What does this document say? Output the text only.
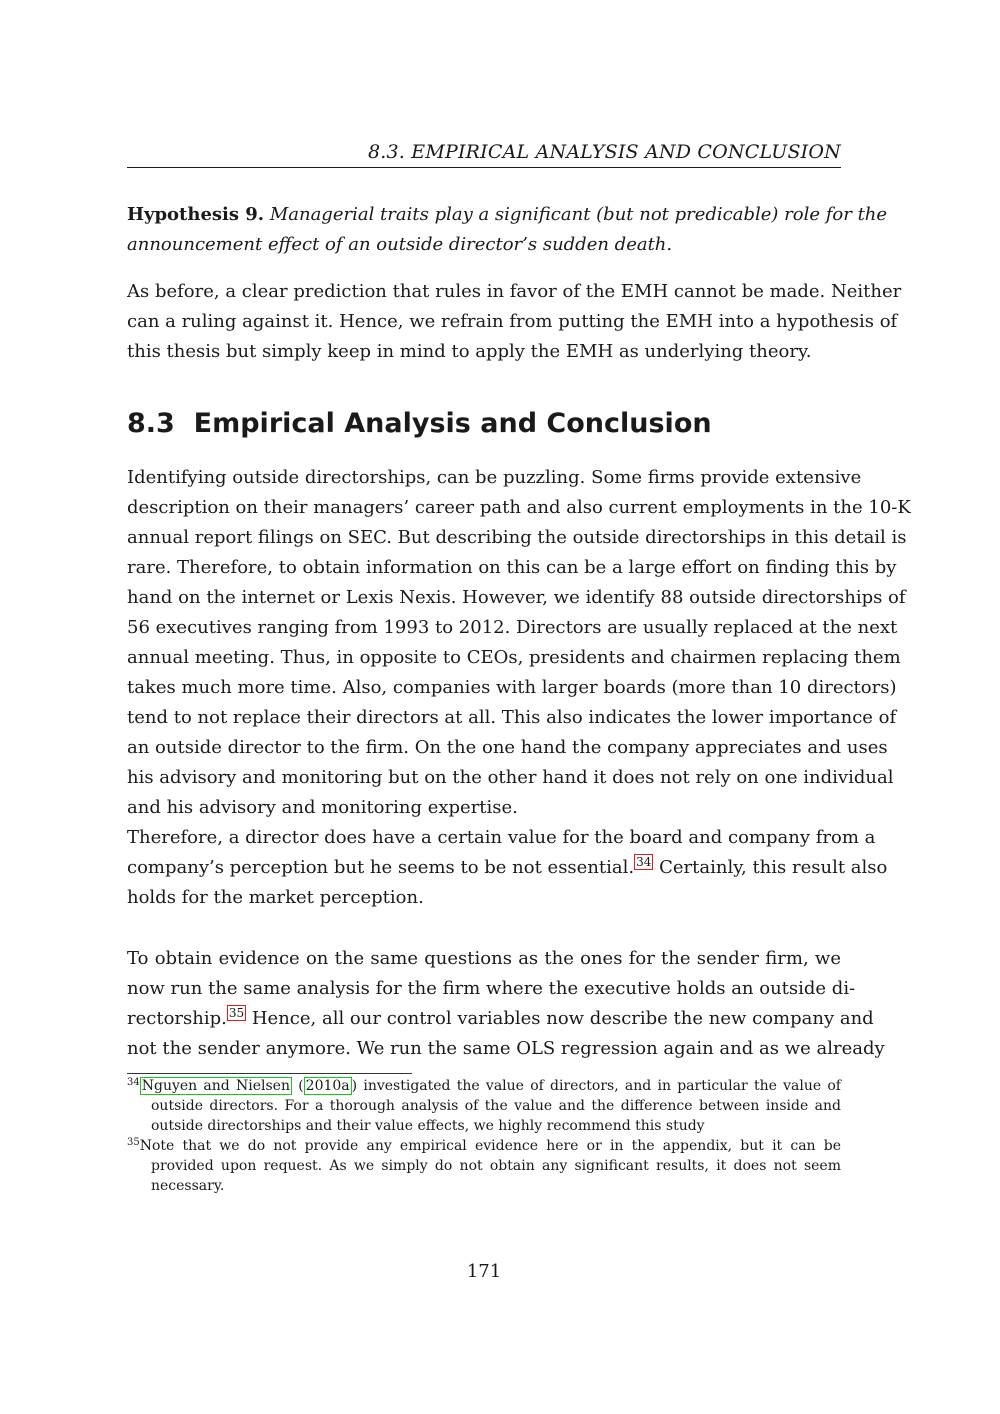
8.3. EMPIRICAL ANALYSIS AND CONCLUSION
Hypothesis 9. Managerial traits play a significant (but not predicable) role for the
announcement effect of an outside director’s sudden death.
As before, a clear prediction that rules in favor of the EMH cannot be made. Neither
can a ruling against it. Hence, we refrain from putting the EMH into a hypothesis of
this thesis but simply keep in mind to apply the EMH as underlying theory.
8.3 Empirical Analysis and Conclusion
Identifying outside directorships, can be puzzling. Some firms provide extensive
description on their managers’ career path and also current employments in the 10-K
annual report filings on SEC. But describing the outside directorships in this detail is
rare. Therefore, to obtain information on this can be a large effort on finding this by
hand on the internet or Lexis Nexis. However, we identify 88 outside directorships of
56 executives ranging from 1993 to 2012. Directors are usually replaced at the next
annual meeting. Thus, in opposite to CEOs, presidents and chairmen replacing them
takes much more time. Also, companies with larger boards (more than 10 directors)
tend to not replace their directors at all. This also indicates the lower importance of
an outside director to the firm. On the one hand the company appreciates and uses
his advisory and monitoring but on the other hand it does not rely on one individual
and his advisory and monitoring expertise.
Therefore, a director does have a certain value for the board and company from a
company’s perception but he seems to be not essential. $^{34}$ Certainly, this result also
holds for the market perception.
To obtain evidence on the same questions as the ones for the sender firm, we
now run the same analysis for the firm where the executive holds an outside di-
rectorship. $^{35}$ Hence, all our control variables now describe the new company and
not the sender anymore. We run the same OLS regression again and as we already
$^{34}$ Nguyen and Nielsen ( 2010a ) investigated the value of directors, and in particular the value of
outside directors. For a thorough analysis of the value and the difference between inside and
outside directorships and their value effects, we highly recommend this study
$^{35}$Note that we do not provide any empirical evidence here or in the appendix, but it can be
provided upon request. As we simply do not obtain any significant results, it does not seem
necessary.
171
